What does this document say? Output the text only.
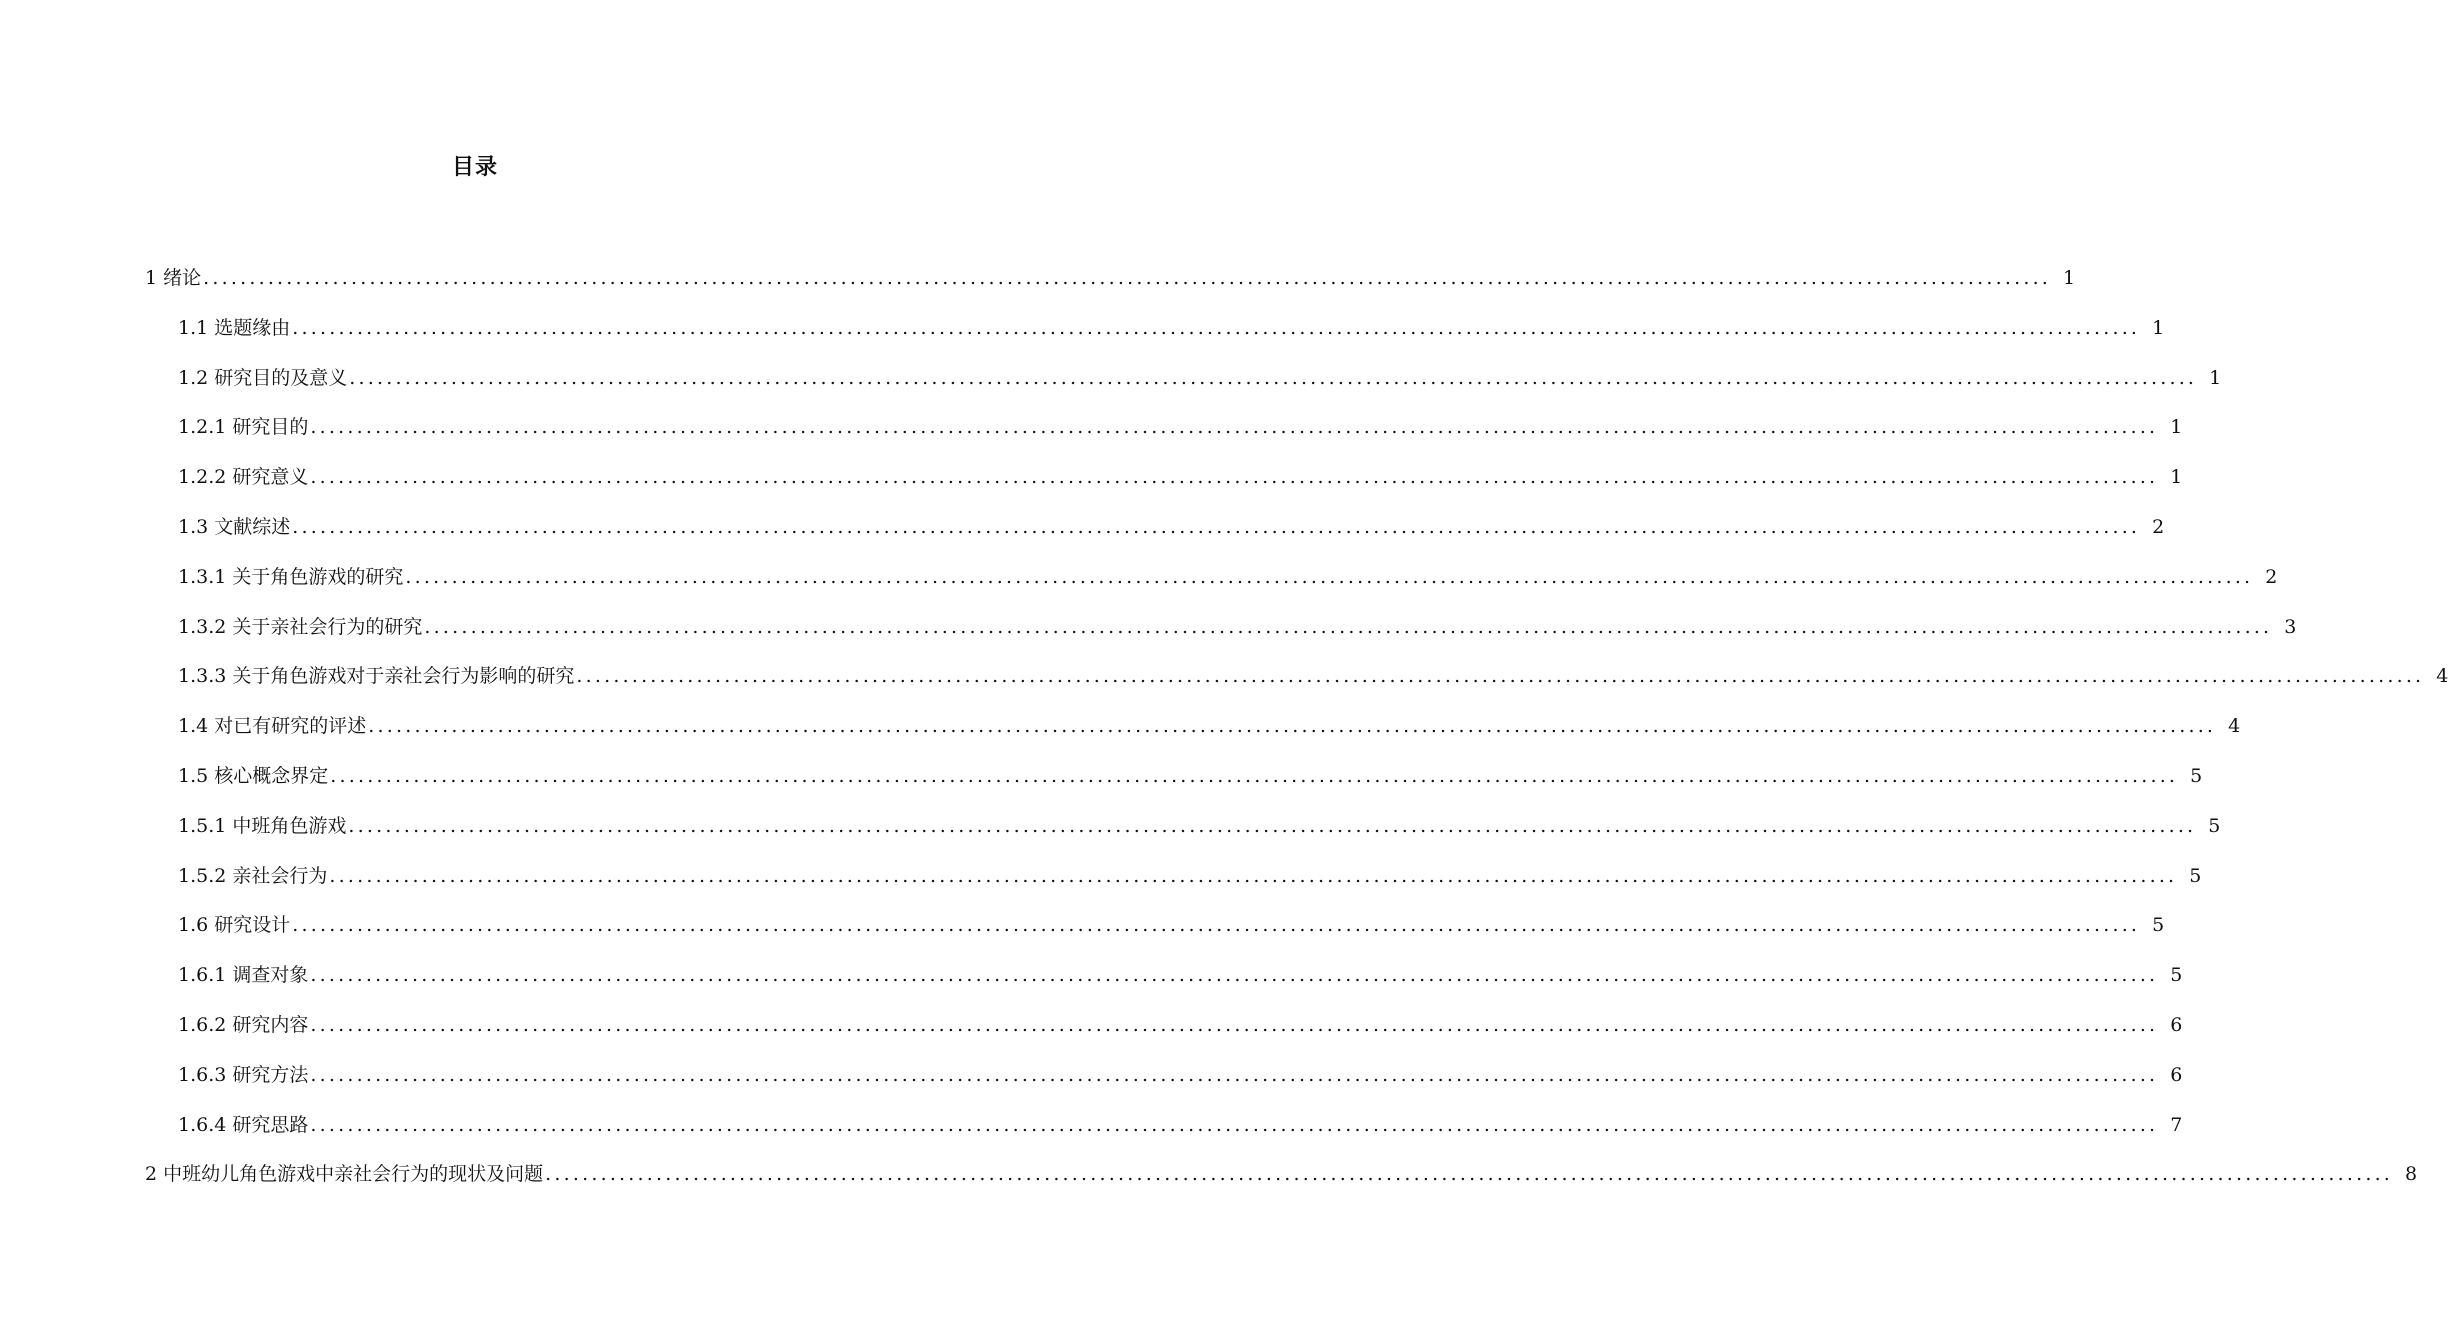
目录
1 绪论 ........................................................................................................................................................................................................ 1
1.1 选题缘由 ........................................................................................................................................................................................................ 1
1.2 研究目的及意义 ........................................................................................................................................................................................................ 1
1.2.1 研究目的 ........................................................................................................................................................................................................ 1
1.2.2 研究意义 ........................................................................................................................................................................................................ 1
1.3 文献综述 ........................................................................................................................................................................................................ 2
1.3.1 关于角色游戏的研究 ........................................................................................................................................................................................................ 2
1.3.2 关于亲社会行为的研究 ........................................................................................................................................................................................................ 3
1.3.3 关于角色游戏对于亲社会行为影响的研究 ........................................................................................................................................................................................................ 4
1.4 对已有研究的评述 ........................................................................................................................................................................................................ 4
1.5 核心概念界定 ........................................................................................................................................................................................................ 5
1.5.1 中班角色游戏 ........................................................................................................................................................................................................ 5
1.5.2 亲社会行为 ........................................................................................................................................................................................................ 5
1.6 研究设计 ........................................................................................................................................................................................................ 5
1.6.1 调查对象 ........................................................................................................................................................................................................ 5
1.6.2 研究内容 ........................................................................................................................................................................................................ 6
1.6.3 研究方法 ........................................................................................................................................................................................................ 6
1.6.4 研究思路 ........................................................................................................................................................................................................ 7
2 中班幼儿角色游戏中亲社会行为的现状及问题 ........................................................................................................................................................................................................ 8
